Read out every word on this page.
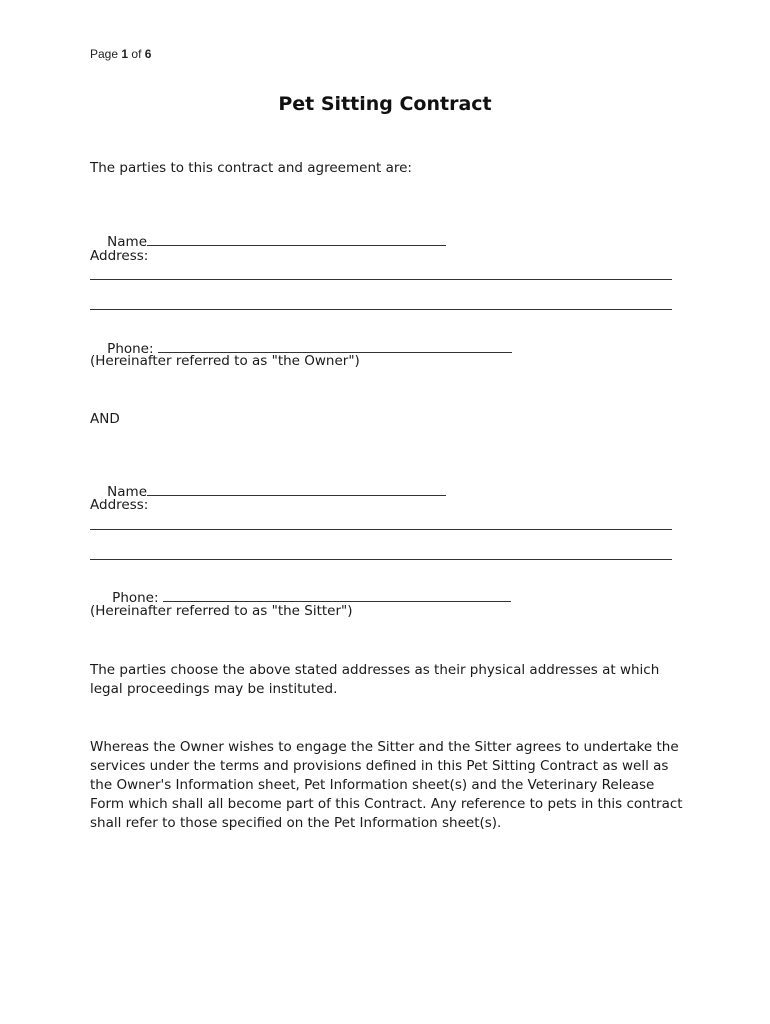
Page 1 of 6
Pet Sitting Contract
The parties to this contract and agreement are:

Name

Address:

Phone:

(Hereinafter referred to as "the Owner")
AND

Name

Address:

Phone:

(Hereinafter referred to as "the Sitter")
The parties choose the above stated addresses as their physical addresses at which legal proceedings may be instituted.
Whereas the Owner wishes to engage the Sitter and the Sitter agrees to undertake the services under the terms and provisions defined in this Pet Sitting Contract as well as the Owner's Information sheet, Pet Information sheet(s) and the Veterinary Release Form which shall all become part of this Contract. Any reference to pets in this contract shall refer to those specified on the Pet Information sheet(s).
